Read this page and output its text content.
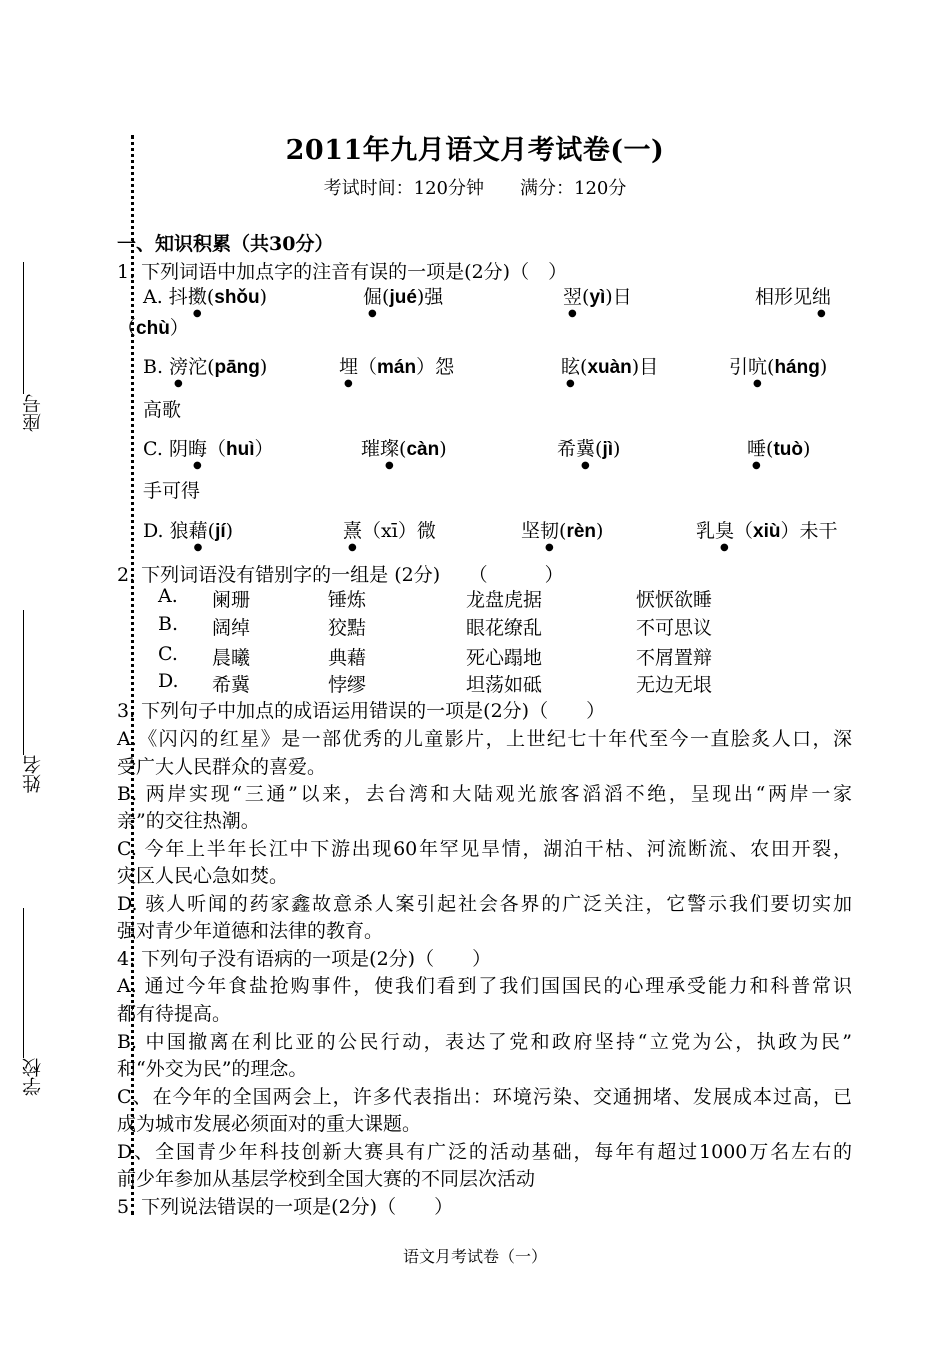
座号
姓名
学校
2011年九月语文月考试卷(一)
考试时间：120分钟　　满分：120分
一、知识积累（共30分）
1. 下列词语中加点字的注音有误的一项是(2分)（　）
A. 抖擞(shǒu)	倔(jué)强	翌(yì)日	相形见绌
（chù）
B. 滂沱(pāng)	埋（mán）怨	眩(xuàn)目	引吭(háng)
高歌
C. 阴晦（huì）	璀璨(càn)	希冀(jì)	唾(tuò)
手可得
D. 狼藉(jí)	熹（xī）微	坚韧(rèn)	乳臭（xiù）未干
2. 下列词语没有错别字的一组是 (2分)　　（　　　）
A.	阑珊	锤炼	龙盘虎据	恹恹欲睡
B.	阔绰	狡黠	眼花缭乱	不可思议
C.	晨曦	典藉	死心蹋地	不屑置辩
D.	希冀	悖缪	坦荡如砥	无边无垠
3. 下列句子中加点的成语运用错误的一项是(2分)（　　）
A.《闪闪的红星》是一部优秀的儿童影片，上世纪七十年代至今一直脍炙人口，深
受广大人民群众的喜爱。
B. 两岸实现“三通”以来，去台湾和大陆观光旅客滔滔不绝，呈现出“两岸一家
亲”的交往热潮。
C. 今年上半年长江中下游出现60年罕见旱情，湖泊干枯、河流断流、农田开裂，
灾区人民心急如焚。
D. 骇人听闻的药家鑫故意杀人案引起社会各界的广泛关注，它警示我们要切实加
强对青少年道德和法律的教育。
4. 下列句子没有语病的一项是(2分)（　　）
A. 通过今年食盐抢购事件，使我们看到了我们国国民的心理承受能力和科普常识
都有待提高。
B. 中国撤离在利比亚的公民行动，表达了党和政府坚持“立党为公，执政为民”
和“外交为民”的理念。
C、在今年的全国两会上，许多代表指出：环境污染、交通拥堵、发展成本过高，已
成为城市发展必须面对的重大课题。
D、全国青少年科技创新大赛具有广泛的活动基础，每年有超过1000万名左右的
前少年参加从基层学校到全国大赛的不同层次活动
5. 下列说法错误的一项是(2分)（　　）
语文月考试卷（一）
